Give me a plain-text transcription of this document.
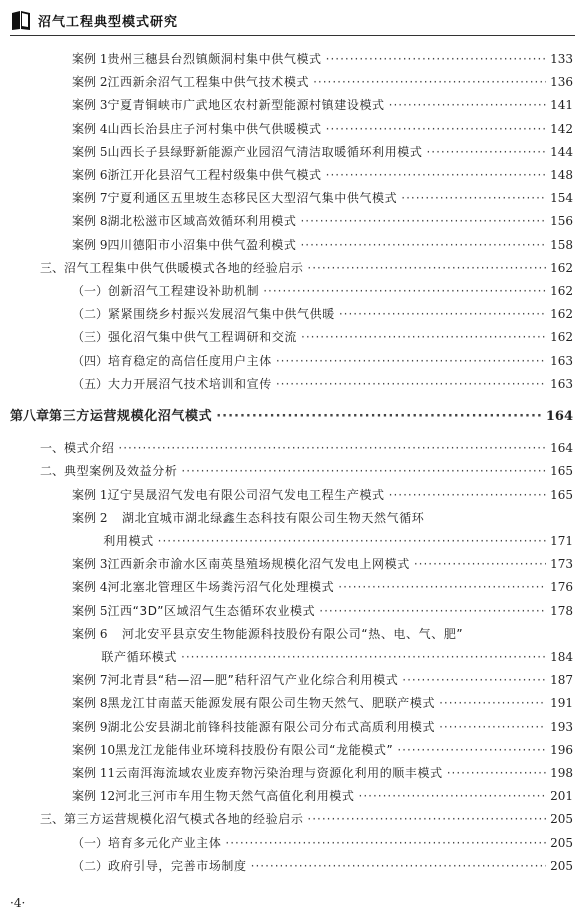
沼气工程典型模式研究
案例 1 贵州三穗县台烈镇颇洞村集中供气模式 ·····	133
案例 2 江西新余沼气工程集中供气技术模式 ·····	136
案例 3 宁夏青铜峡市广武地区农村新型能源村镇建设模式 ·····	141
案例 4 山西长治县庄子河村集中供气供暖模式 ·····	142
案例 5 山西长子县绿野新能源产业园沼气清洁取暖循环利用模式 ·····	144
案例 6 浙江开化县沼气工程村级集中供气模式 ·····	148
案例 7 宁夏利通区五里坡生态移民区大型沼气集中供气模式 ·····	154
案例 8 湖北松滋市区域高效循环利用模式 ·····	156
案例 9 四川德阳市小沼集中供气盈利模式 ·····	158
三、 沼气工程集中供气供暖模式各地的经验启示 ·····	162
（一） 创新沼气工程建设补助机制 ·····	162
（二） 紧紧围绕乡村振兴发展沼气集中供气供暖 ·····	162
（三） 强化沼气集中供气工程调研和交流 ·····	162
（四） 培育稳定的高信任度用户主体 ·····	163
（五） 大力开展沼气技术培训和宣传 ·····	163
第八章 第三方运营规模化沼气模式 ·····	164
一、 模式介绍 ·····	164
二、 典型案例及效益分析 ·····	165
案例 1 辽宁昊晟沼气发电有限公司沼气发电工程生产模式 ·····	165
案例 2	湖北宜城市湖北绿鑫生态科技有限公司生物天然气循环
利用模式 ·····	171
案例 3 江西新余市渝水区南英垦殖场规模化沼气发电上网模式 ·····	173
案例 4 河北塞北管理区牛场粪污沼气化处理模式 ·····	176
案例 5 江西“3D”区域沼气生态循环农业模式 ·····	178
案例 6	河北安平县京安生物能源科技股份有限公司“热、电、气、肥”
联产循环模式 ·····	184
案例 7 河北青县“秸—沼—肥”秸秆沼气产业化综合利用模式 ·····	187
案例 8 黑龙江甘南蓝天能源发展有限公司生物天然气、肥联产模式 ·····	191
案例 9 湖北公安县湖北前锋科技能源有限公司分布式高质利用模式 ·····	193
案例 10 黑龙江龙能伟业环境科技股份有限公司“龙能模式” ·····	196
案例 11 云南洱海流域农业废弃物污染治理与资源化利用的顺丰模式 ·····	198
案例 12 河北三河市车用生物天然气高值化利用模式 ·····	201
三、 第三方运营规模化沼气模式各地的经验启示 ·····	205
（一） 培育多元化产业主体 ·····	205
（二） 政府引导，完善市场制度 ·····	205
·4·
